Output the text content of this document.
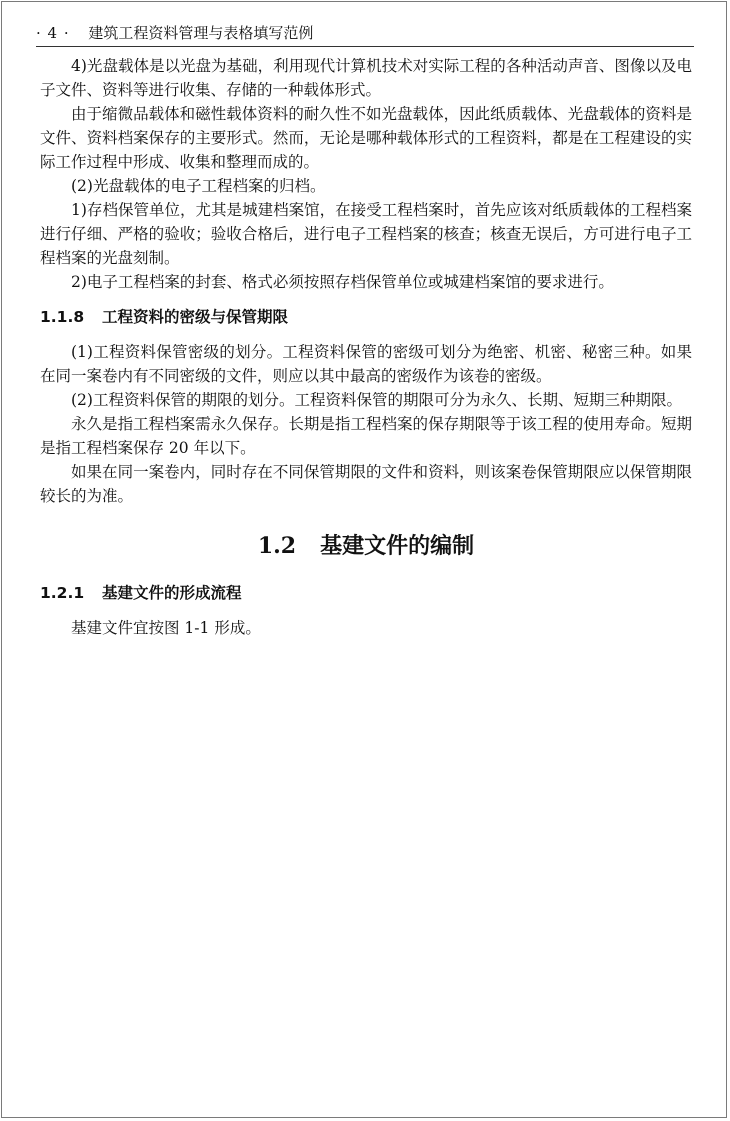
· 4 · 建筑工程资料管理与表格填写范例

4)光盘载体是以光盘为基础，利用现代计算机技术对实际工程的各种活动声音、图像以及电子文件、资料等进行收集、存储的一种载体形式。

由于缩微品载体和磁性载体资料的耐久性不如光盘载体，因此纸质载体、光盘载体的资料是文件、资料档案保存的主要形式。然而，无论是哪种载体形式的工程资料，都是在工程建设的实际工作过程中形成、收集和整理而成的。

(2)光盘载体的电子工程档案的归档。

1)存档保管单位，尤其是城建档案馆，在接受工程档案时，首先应该对纸质载体的工程档案进行仔细、严格的验收；验收合格后，进行电子工程档案的核查；核查无误后，方可进行电子工程档案的光盘刻制。

2)电子工程档案的封套、格式必须按照存档保管单位或城建档案馆的要求进行。

1.1.8 工程资料的密级与保管期限

(1)工程资料保管密级的划分。工程资料保管的密级可划分为绝密、机密、秘密三种。如果在同一案卷内有不同密级的文件，则应以其中最高的密级作为该卷的密级。

(2)工程资料保管的期限的划分。工程资料保管的期限可分为永久、长期、短期三种期限。

永久是指工程档案需永久保存。长期是指工程档案的保存期限等于该工程的使用寿命。短期是指工程档案保存 20 年以下。

如果在同一案卷内，同时存在不同保管期限的文件和资料，则该案卷保管期限应以保管期限较长的为准。

1.2 基建文件的编制
1.2.1 基建文件的形成流程

基建文件宜按图 1-1 形成。
